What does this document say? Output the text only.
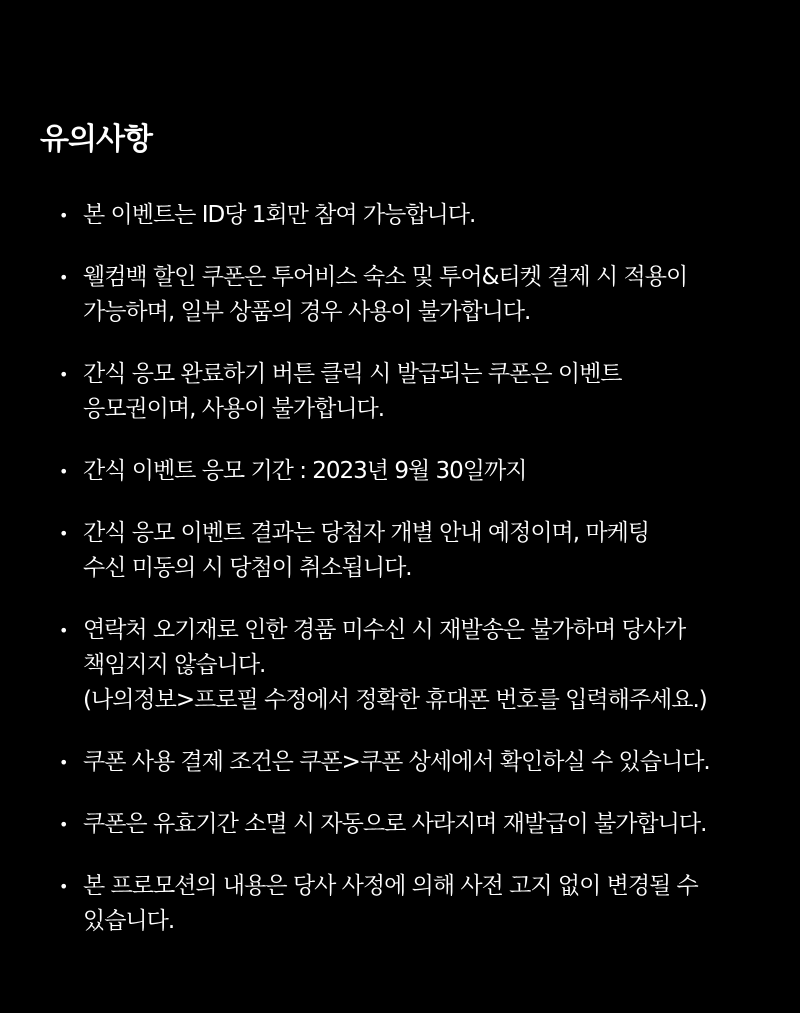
유의사항
• 본 이벤트는 ID당 1회만 참여 가능합니다.
• 웰컴백 할인 쿠폰은 투어비스 숙소 및 투어&티켓 결제 시 적용이
가능하며, 일부 상품의 경우 사용이 불가합니다.
• 간식 응모 완료하기 버튼 클릭 시 발급되는 쿠폰은 이벤트
응모권이며, 사용이 불가합니다.
• 간식 이벤트 응모 기간 : 2023년 9월 30일까지
• 간식 응모 이벤트 결과는 당첨자 개별 안내 예정이며, 마케팅
수신 미동의 시 당첨이 취소됩니다.
• 연락처 오기재로 인한 경품 미수신 시 재발송은 불가하며 당사가
책임지지 않습니다.
(나의정보>프로필 수정에서 정확한 휴대폰 번호를 입력해주세요.)
• 쿠폰 사용 결제 조건은 쿠폰>쿠폰 상세에서 확인하실 수 있습니다.
• 쿠폰은 유효기간 소멸 시 자동으로 사라지며 재발급이 불가합니다.
• 본 프로모션의 내용은 당사 사정에 의해 사전 고지 없이 변경될 수
있습니다.
